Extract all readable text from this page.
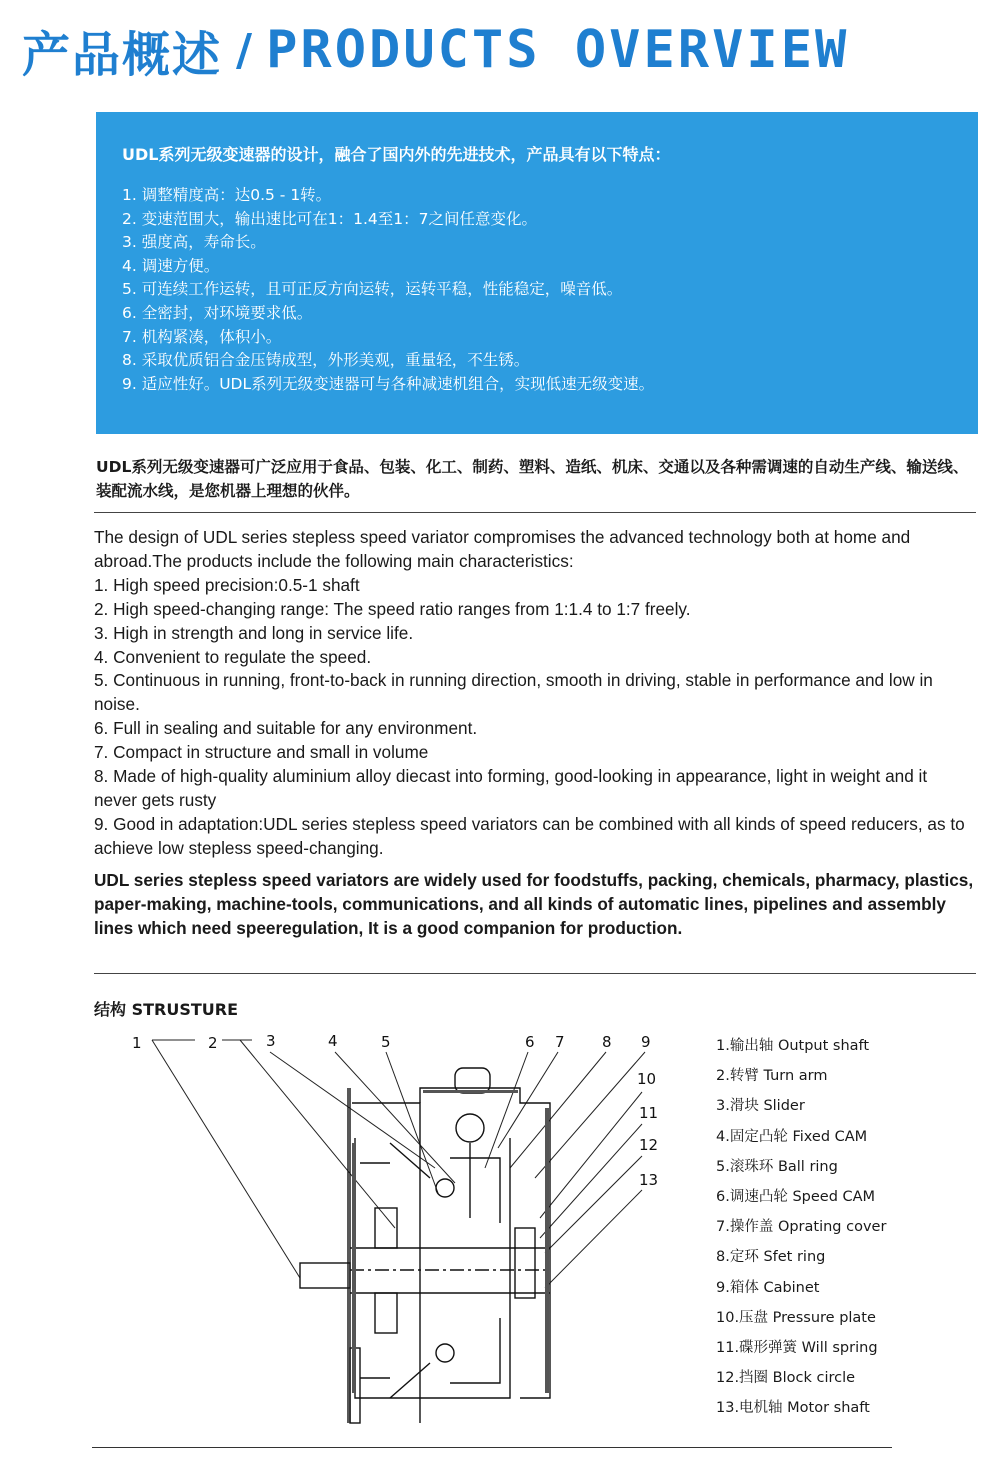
产品概述 / PRODUCTS OVERVIEW
UDL系列无级变速器的设计，融合了国内外的先进技术，产品具有以下特点：
1. 调整精度高：达0.5 - 1转。
2. 变速范围大，输出速比可在1：1.4至1：7之间任意变化。
3. 强度高，寿命长。
4. 调速方便。
5. 可连续工作运转，且可正反方向运转，运转平稳，性能稳定，噪音低。
6. 全密封，对环境要求低。
7. 机构紧凑，体积小。
8. 采取优质铝合金压铸成型，外形美观，重量轻，不生锈。
9. 适应性好。UDL系列无级变速器可与各种减速机组合，实现低速无级变速。
UDL系列无级变速器可广泛应用于食品、包装、化工、制药、塑料、造纸、机床、交通以及各种需调速的自动生产线、输送线、装配流水线，是您机器上理想的伙伴。

The design of UDL series stepless speed variator compromises the advanced technology both at home and abroad.The products include the following main characteristics:

1. High speed precision:0.5-1 shaft

2. High speed-changing range: The speed ratio ranges from 1:1.4 to 1:7 freely.

3. High in strength and long in service life.

4. Convenient to regulate the speed.

5. Continuous in running, front-to-back in running direction, smooth in driving, stable in performance and low in noise.

6. Full in sealing and suitable for any environment.

7. Compact in structure and small in volume

8. Made of high-quality aluminium alloy diecast into forming, good-looking in appearance, light in weight and it never gets rusty

9. Good in adaptation:UDL series stepless speed variators can be combined with all kinds of speed reducers, as to achieve low stepless speed-changing.

UDL series stepless speed variators are widely used for foodstuffs, packing, chemicals, pharmacy, plastics, paper-making, machine-tools, communications, and all kinds of automatic lines, pipelines and assembly lines which need speeregulation, It is a good companion for production.
结构 STRUSTURE
1	2	3	4	5	6 7 8 9
10
11
12
13
1.输出轴 Output shaft
2.转臂 Turn arm
3.滑块 Slider
4.固定凸轮 Fixed CAM
5.滚珠环 Ball ring
6.调速凸轮 Speed CAM
7.操作盖 Oprating cover
8.定环 Sfet ring
9.箱体 Cabinet
10.压盘 Pressure plate
11.碟形弹簧 Will spring
12.挡圈 Block circle
13.电机轴 Motor shaft
